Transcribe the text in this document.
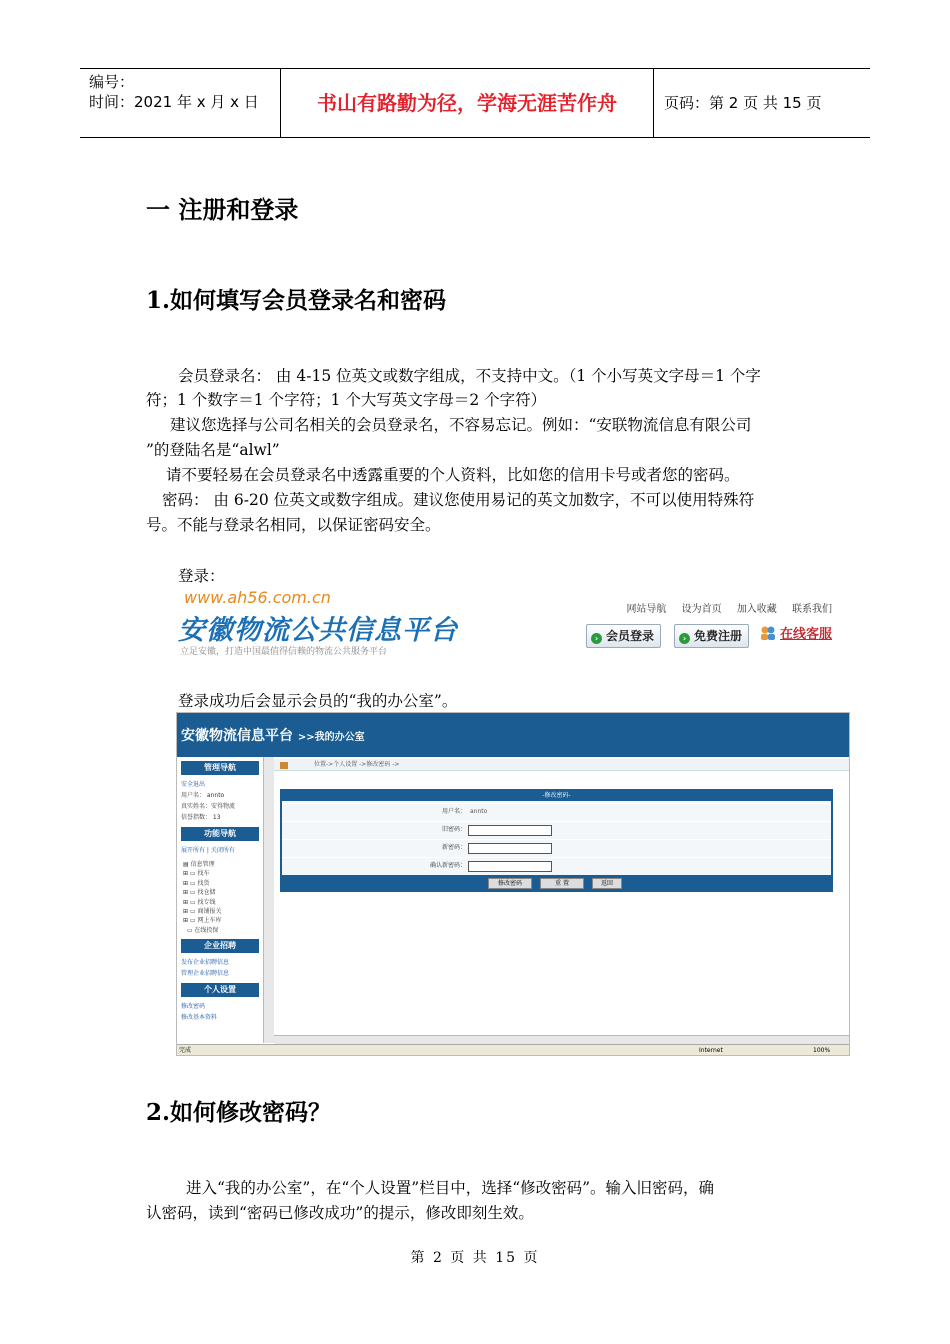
编号：
时间：2021 年 x 月 x 日	书山有路勤为径，学海无涯苦作舟	页码：第 2 页 共 15 页
一 注册和登录
1.如何填写会员登录名和密码
会员登录名： 由 4-15 位英文或数字组成，不支持中文。（1 个小写英文字母＝1 个字
符；1 个数字＝1 个字符；1 个大写英文字母＝2 个字符）
建议您选择与公司名相关的会员登录名，不容易忘记。例如：“安联物流信息有限公司
”的登陆名是“alwl”
请不要轻易在会员登录名中透露重要的个人资料，比如您的信用卡号或者您的密码。
密码： 由 6-20 位英文或数字组成。建议您使用易记的英文加数字，不可以使用特殊符
号。不能与登录名相同，以保证密码安全。
登录：
www.ah56.com.cn
安徽物流公共信息平台
立足安徽，打造中国最值得信赖的物流公共服务平台
网站导航 设为首页 加入收藏 联系我们
› 会员登录	› 免费注册	在线客服
登录成功后会显示会员的“我的办公室”。
安徽物流信息平台 >>我的办公室
管理导航
安全退出
用户名： annto
真实姓名：安得物流
信誉指数： 13
功能导航
展开所有 | 关闭所有
▤ 信息管理
⊞ ▭ 找车
⊞ ▭ 找货
⊞ ▭ 找仓储
⊞ ▭ 找专线
⊞ ▭ 商铺报关
⊞ ▭ 网上车库
▭ 在线投保
企业招聘
发布企业招聘信息
管理企业招聘信息
个人设置
修改密码
修改基本资料
位置->个人设置 ->修改密码 ->
-修改密码-
用户名： annto
旧密码：
新密码：
确认新密码：
修改密码	重 置	返回
完成	Internet	100%
2.如何修改密码？
进入“我的办公室”，在“个人设置”栏目中，选择“修改密码”。输入旧密码，确
认密码，读到“密码已修改成功”的提示，修改即刻生效。
第 2 页 共 15 页
